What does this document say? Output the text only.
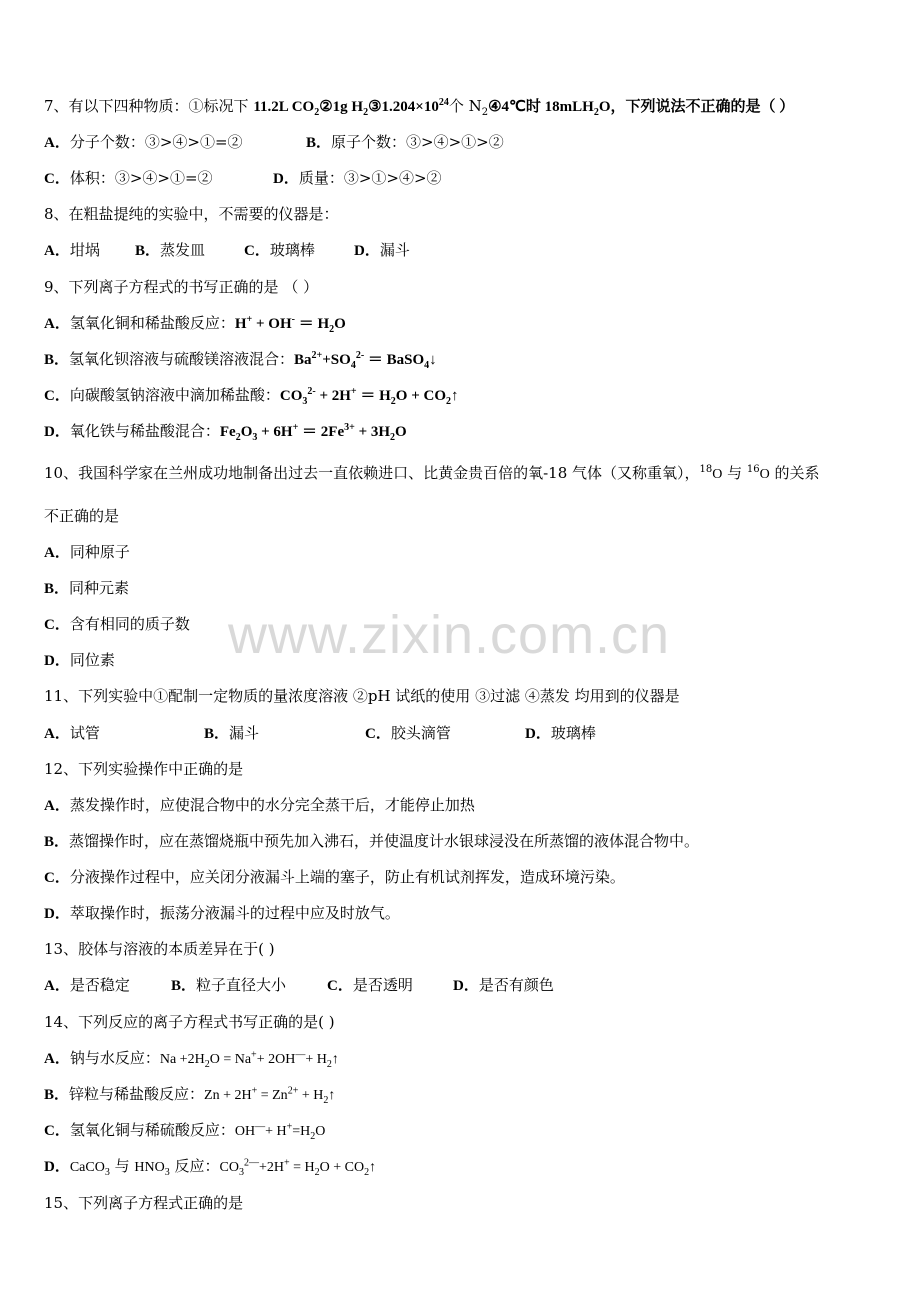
www.zixin.com.cn
7、有以下四种物质：①标况下 11.2L $CO_2②1g$ $H_2③1.204\times 10^{24}$个 $N_2④4℃$时 18mLH$_2$O，下列说法不正确的是（ ）
A．分子个数：③>④>①=②	B．原子个数：③>④>①>②
C．体积：③>④>①=②	D．质量：③>①>④>②
8、在粗盐提纯的实验中，不需要的仪器是：
A．坩埚 B．蒸发皿	C．玻璃棒	D．漏斗
9、下列离子方程式的书写正确的是 （ ）
A．氢氧化铜和稀盐酸反应：$H^+ + OH^- = H_2O$
B．氢氧化钡溶液与硫酸镁溶液混合：$Ba^{2+}+SO_4^{2-}$ ＝ BaSO$_4$↓
C．向碳酸氢钠溶液中滴加稀盐酸：$CO_3^{2-} + 2H^+ = H_2O$ + $CO_2↑$
D．氧化铁与稀盐酸混合：$Fe_2O_3 + 6H^+ = 2Fe^{3+} + 3H_2O$
10、我国科学家在兰州成功地制备出过去一直依赖进口、比黄金贵百倍的氧-18 气体（又称重氧），$^{18}$O 与 $^{16}$O 的关系
不正确的是
A．同种原子
B．同种元素
C．含有相同的质子数
D．同位素
11、下列实验中①配制一定物质的量浓度溶液 ②pH 试纸的使用 ③过滤 ④蒸发 均用到的仪器是
A．试管	B．漏斗	C．胶头滴管	D．玻璃棒
12、下列实验操作中正确的是
A．蒸发操作时，应使混合物中的水分完全蒸干后，才能停止加热
B．蒸馏操作时，应在蒸馏烧瓶中预先加入沸石，并使温度计水银球浸没在所蒸馏的液体混合物中。
C．分液操作过程中，应关闭分液漏斗上端的塞子，防止有机试剂挥发，造成环境污染。
D．萃取操作时，振荡分液漏斗的过程中应及时放气。
13、胶体与溶液的本质差异在于( )
A．是否稳定	B．粒子直径大小	C．是否透明	D．是否有颜色
14、下列反应的离子方程式书写正确的是( )
A．钠与水反应：$Na +2H_2O = Na^++ 2OH^—+$ $H_2↑$
B．锌粒与稀盐酸反应：$Zn + 2H^+ = Zn^{2+}$ + $H_2↑$
C．氢氧化铜与稀硫酸反应：$OH^—+ H^+=H_2O$
D．CaCO$_3$ 与 $HNO_3$ 反应：$CO_3^{2—}+2H^+ = H_2O$ + $CO_2↑$
15、下列离子方程式正确的是
